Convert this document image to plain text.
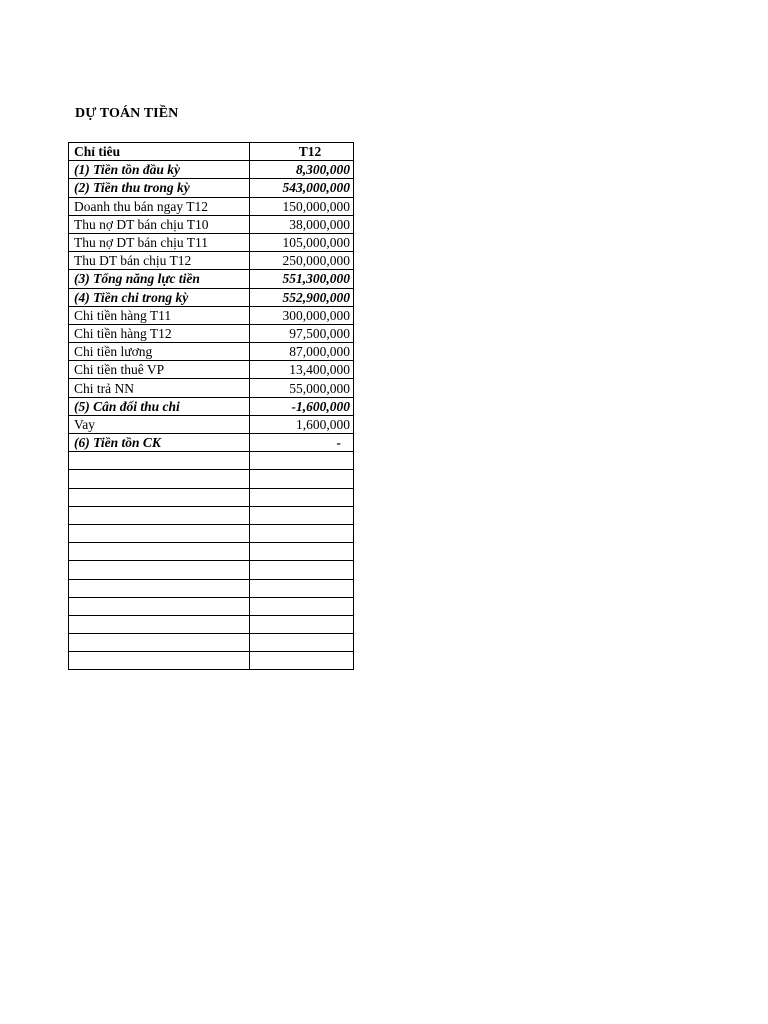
DỰ TOÁN TIỀN
Chỉ tiêu	T12
(1) Tiền tồn đầu kỳ	8,300,000
(2) Tiền thu trong kỳ	543,000,000
Doanh thu bán ngay T12	150,000,000
Thu nợ DT bán chịu T10	38,000,000
Thu nợ DT bán chịu T11	105,000,000
Thu DT bán chịu T12	250,000,000
(3) Tổng năng lực tiền	551,300,000
(4) Tiền chi trong kỳ	552,900,000
Chi tiền hàng T11	300,000,000
Chi tiền hàng T12	97,500,000
Chi tiền lương	87,000,000
Chi tiền thuê VP	13,400,000
Chi trả NN	55,000,000
(5) Cân đối thu chi	-1,600,000
Vay	1,600,000
(6) Tiền tồn CK	-
